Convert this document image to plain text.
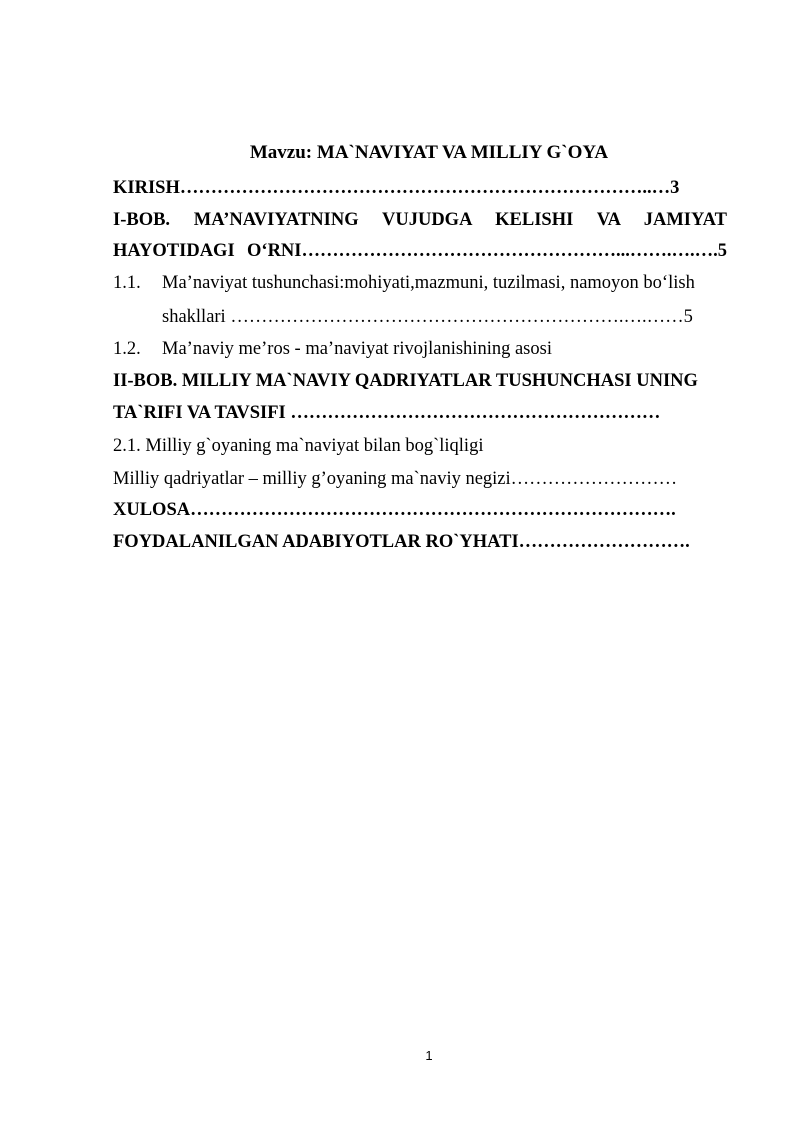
Mavzu: MA`NAVIYAT VA MILLIY G`OYA
KIRISH…………………………………………………………………..…3
I-BOB. MA’NAVIYATNING VUJUDGA KELISHI VA JAMIYAT
HAYOTIDAGI O‘RNI……………………………………………...…….….….5
1.1. Ma’naviyat tushunchasi:mohiyati,mazmuni, tuzilmasi, namoyon bo‘lish
shakllari ……………………………………………………….….……5
1.2. Ma’naviy me’ros - ma’naviyat rivojlanishining asosi
II-BOB. MILLIY MA`NAVIY QADRIYATLAR TUSHUNCHASI UNING
TA`RIFI VA TAVSIFI ……………………………………………………
2.1. Milliy g`oyaning ma`naviyat bilan bog`liqligi
Milliy qadriyatlar – milliy g’oyaning ma`naviy negizi………………………
XULOSA…………………………………………………………………….
FOYDALANILGAN ADABIYOTLAR RO`YHATI……………………….
1
